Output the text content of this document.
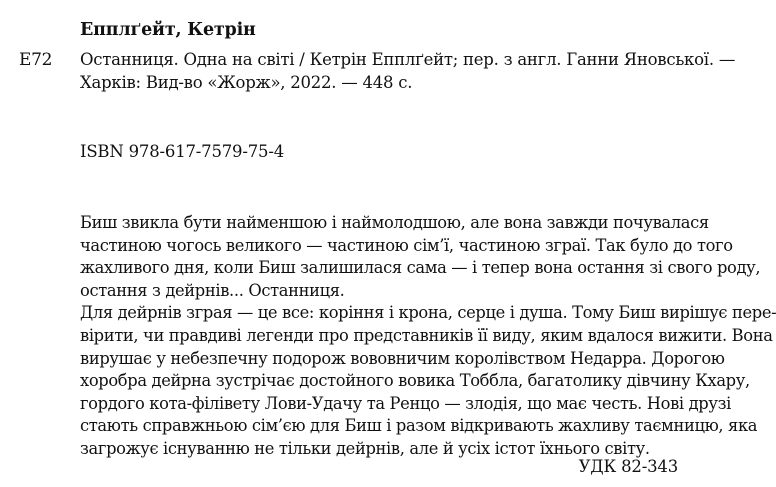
Е72
Епплґейт, Кетрін
Останниця. Одна на світі / Кетрін Епплґейт; пер. з англ. Ганни Яновської. —
Харків: Вид-во «Жорж», 2022. — 448 с.
ISBN 978-617-7579-75-4
Биш звикла бути найменшою і наймолодшою, але вона завжди почувалася
частиною чогось великого — частиною сім’ї, частиною зграї. Так було до того
жахливого дня, коли Биш залишилася сама — і тепер вона остання зі свого роду,
остання з дейрнів... Останниця.
Для дейрнів зграя — це все: коріння і крона, серце і душа. Тому Биш вирішує пере-
вірити, чи правдиві легенди про представників її виду, яким вдалося вижити. Вона
вирушає у небезпечну подорож вововничим королівством Недарра. Дорогою
хоробра дейрна зустрічає достойного вовика Тоббла, багатолику дівчину Кхару,
гордого кота-філівету Лови-Удачу та Ренцо — злодія, що має честь. Нові друзі
стають справжньою сім’єю для Биш і разом відкривають жахливу таємницю, яка
загрожує існуванню не тільки дейрнів, але й усіх істот їхнього світу.
УДК 82-343
